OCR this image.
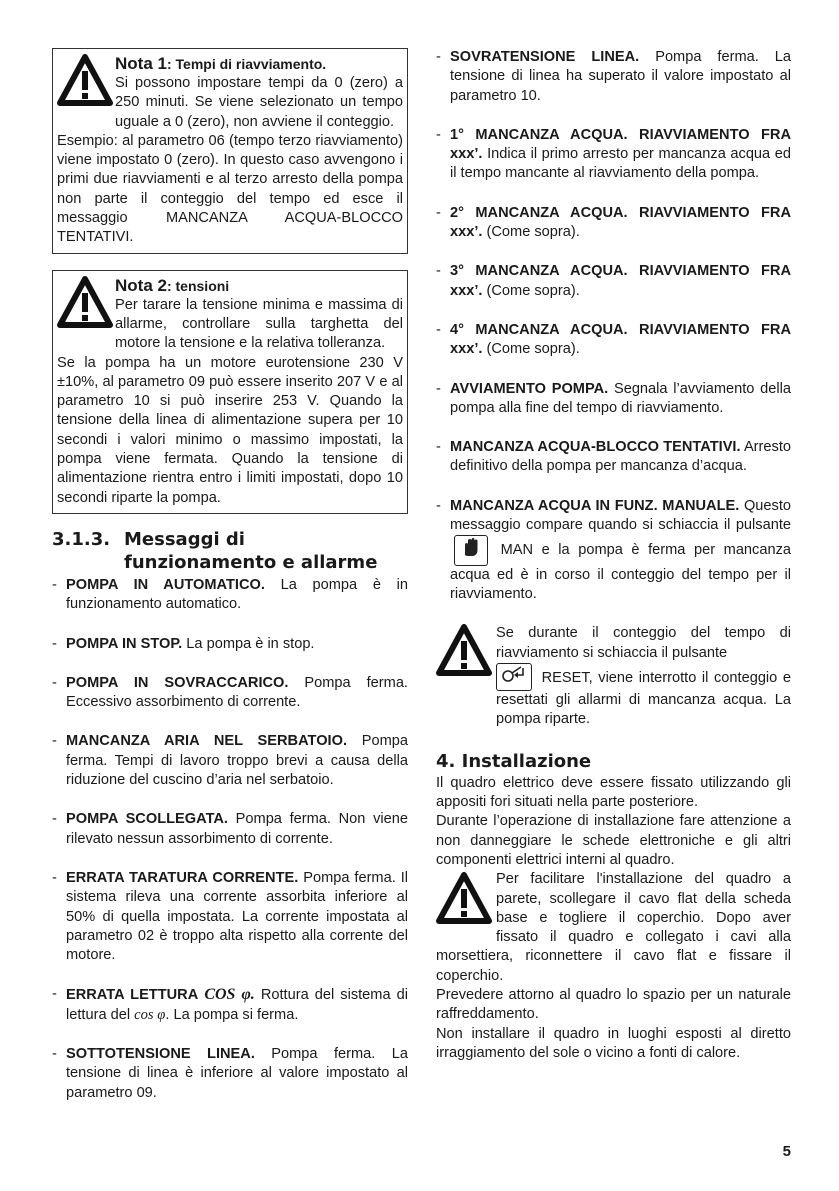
Nota 1: Tempi di riavviamento.
Si possono impostare tempi da 0 (zero) a 250 minuti. Se viene selezionato un tempo uguale a 0 (zero), non avviene il conteggio.
Esempio: al parametro 06 (tempo terzo riavviamento) viene impostato 0 (zero). In questo caso avvengono i primi due riavviamenti e al terzo arresto della pompa non parte il conteggio del tempo ed esce il messaggio MANCANZA ACQUA-BLOCCO TENTATIVI.
Nota 2: tensioni
Per tarare la tensione minima e massima di allarme, controllare sulla targhetta del motore la tensione e la relativa tolleranza.
Se la pompa ha un motore eurotensione 230 V ±10%, al parametro 09 può essere inserito 207 V e al parametro 10 si può inserire 253 V. Quando la tensione della linea di alimentazione supera per 10 secondi i valori minimo o massimo impostati, la pompa viene fermata. Quando la tensione di alimentazione rientra entro i limiti impostati, dopo 10 secondi riparte la pompa.
3.1.3. Messaggi di
funzionamento e allarme
- POMPA IN AUTOMATICO. La pompa è in funzionamento automatico.
- POMPA IN STOP. La pompa è in stop.
- POMPA IN SOVRACCARICO. Pompa ferma. Eccessivo assorbimento di corrente.
- MANCANZA ARIA NEL SERBATOIO. Pompa ferma. Tempi di lavoro troppo brevi a causa della riduzione del cuscino d’aria nel serbatoio.
- POMPA SCOLLEGATA. Pompa ferma. Non viene rilevato nessun assorbimento di corrente.
- ERRATA TARATURA CORRENTE. Pompa ferma. Il sistema rileva una corrente assorbita inferiore al 50% di quella impostata. La corrente impostata al parametro 02 è troppo alta rispetto alla corrente del motore.
- ERRATA LETTURA COS φ. Rottura del sistema di lettura del cos φ. La pompa si ferma.
- SOTTOTENSIONE LINEA. Pompa ferma. La tensione di linea è inferiore al valore impostato al parametro 09.
- SOVRATENSIONE LINEA. Pompa ferma. La tensione di linea ha superato il valore impostato al parametro 10.
- 1° MANCANZA ACQUA. RIAVVIAMENTO FRA xxx’. Indica il primo arresto per mancanza acqua ed il tempo mancante al riavviamento della pompa.
- 2° MANCANZA ACQUA. RIAVVIAMENTO FRA xxx’. (Come sopra).
- 3° MANCANZA ACQUA. RIAVVIAMENTO FRA xxx’. (Come sopra).
- 4° MANCANZA ACQUA. RIAVVIAMENTO FRA xxx’. (Come sopra).
- AVVIAMENTO POMPA. Segnala l’avviamento della pompa alla fine del tempo di riavviamento.
- MANCANZA ACQUA-BLOCCO TENTATIVI. Arresto definitivo della pompa per mancanza d’acqua.
- MANCANZA ACQUA IN FUNZ. MANUALE. Questo messaggio compare quando si schiaccia il pulsante MAN e la pompa è ferma per mancanza acqua ed è in corso il conteggio del tempo per il riavviamento.
Se durante il conteggio del tempo di riavviamento si schiaccia il pulsante
RESET, viene interrotto il conteggio e resettati gli allarmi di mancanza acqua. La pompa riparte.
4. Installazione

Il quadro elettrico deve essere fissato utilizzando gli appositi fori situati nella parte posteriore.

Durante l’operazione di installazione fare attenzione a non danneggiare le schede elettroniche e gli altri componenti elettrici interni al quadro.

Per facilitare l'installazione del quadro a parete, scollegare il cavo flat della scheda base e togliere il coperchio. Dopo aver fissato il quadro e collegato i cavi alla morsettiera, riconnettere il cavo flat e fissare il coperchio.

Prevedere attorno al quadro lo spazio per un naturale raffreddamento.

Non installare il quadro in luoghi esposti al diretto irraggiamento del sole o vicino a fonti di calore.

5
